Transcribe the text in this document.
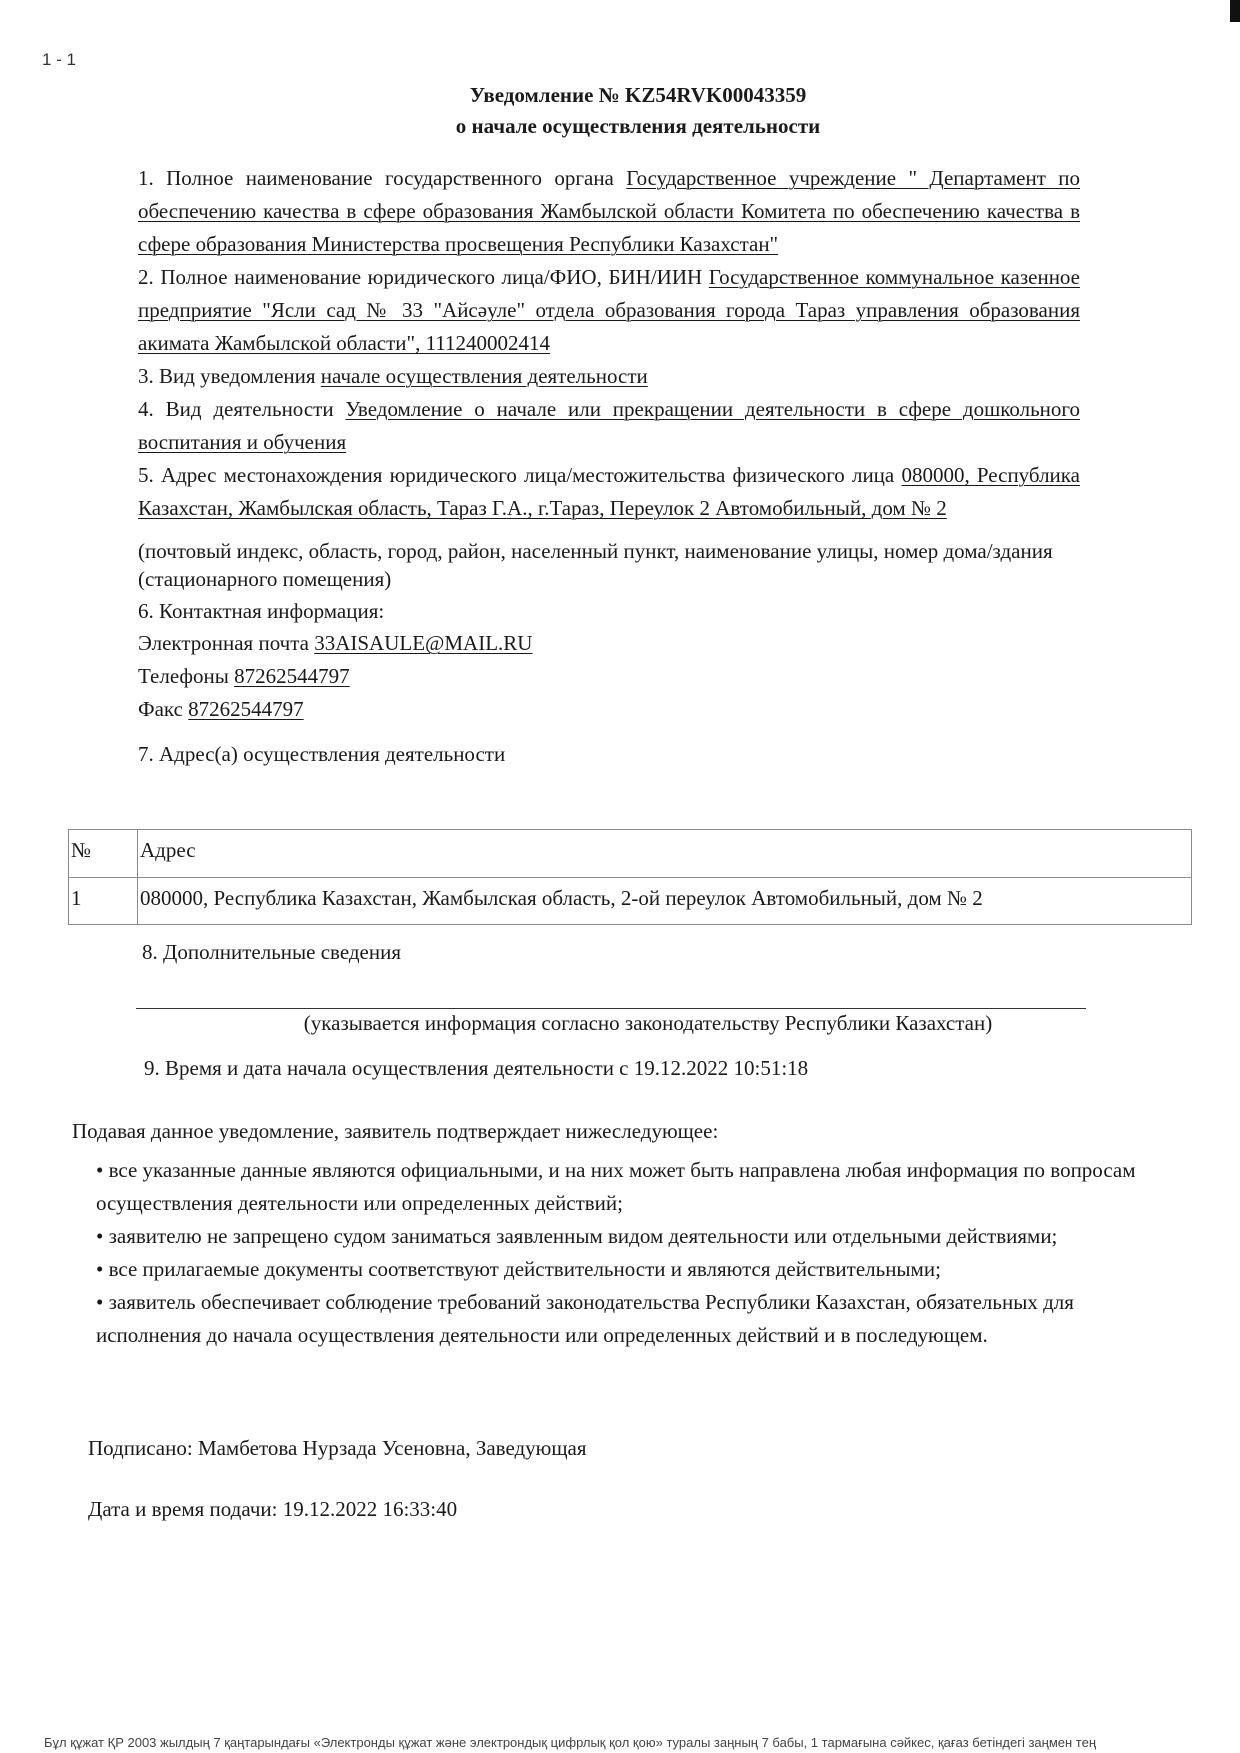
1 - 1
Уведомление № KZ54RVK00043359
о начале осуществления деятельности
1. Полное наименование государственного органа Государственное учреждение " Департамент по обеспечению качества в сфере образования Жамбылской области Комитета по обеспечению качества в сфере образования Министерства просвещения Республики Казахстан"
2. Полное наименование юридического лица/ФИО, БИН/ИИН Государственное коммунальное казенное предприятие "Ясли сад № 33 "Айсәуле" отдела образования города Тараз управления образования акимата Жамбылской области", 111240002414
3. Вид уведомления начале осуществления деятельности
4. Вид деятельности Уведомление о начале или прекращении деятельности в сфере дошкольного воспитания и обучения
5. Адрес местонахождения юридического лица/местожительства физического лица 080000, Республика Казахстан, Жамбылская область, Тараз Г.А., г.Тараз, Переулок 2 Автомобильный, дом № 2
(почтовый индекс, область, город, район, населенный пункт, наименование улицы, номер дома/здания (стационарного помещения)
6. Контактная информация:
Электронная почта 33AISAULE@MAIL.RU
Телефоны 87262544797
Факс 87262544797
7. Адрес(а) осуществления деятельности
№	Адрес
1	080000, Республика Казахстан, Жамбылская область, 2-ой переулок Автомобильный, дом № 2
8. Дополнительные сведения
(указывается информация согласно законодательству Республики Казахстан)
9. Время и дата начала осуществления деятельности с 19.12.2022 10:51:18
Подавая данное уведомление, заявитель подтверждает нижеследующее:
• все указанные данные являются официальными, и на них может быть направлена любая информация по вопросам осуществления деятельности или определенных действий;
• заявителю не запрещено судом заниматься заявленным видом деятельности или отдельными действиями;
• все прилагаемые документы соответствуют действительности и являются действительными;
• заявитель обеспечивает соблюдение требований законодательства Республики Казахстан, обязательных для исполнения до начала осуществления деятельности или определенных действий и в последующем.
Подписано: Мамбетова Нурзада Усеновна, Заведующая
Дата и время подачи: 19.12.2022 16:33:40
Бұл құжат ҚР 2003 жылдың 7 қаңтарындағы «Электронды құжат және электрондық цифрлық қол қою» туралы заңның 7 бабы, 1 тармағына сәйкес, қағаз бетіндегі заңмен тең
